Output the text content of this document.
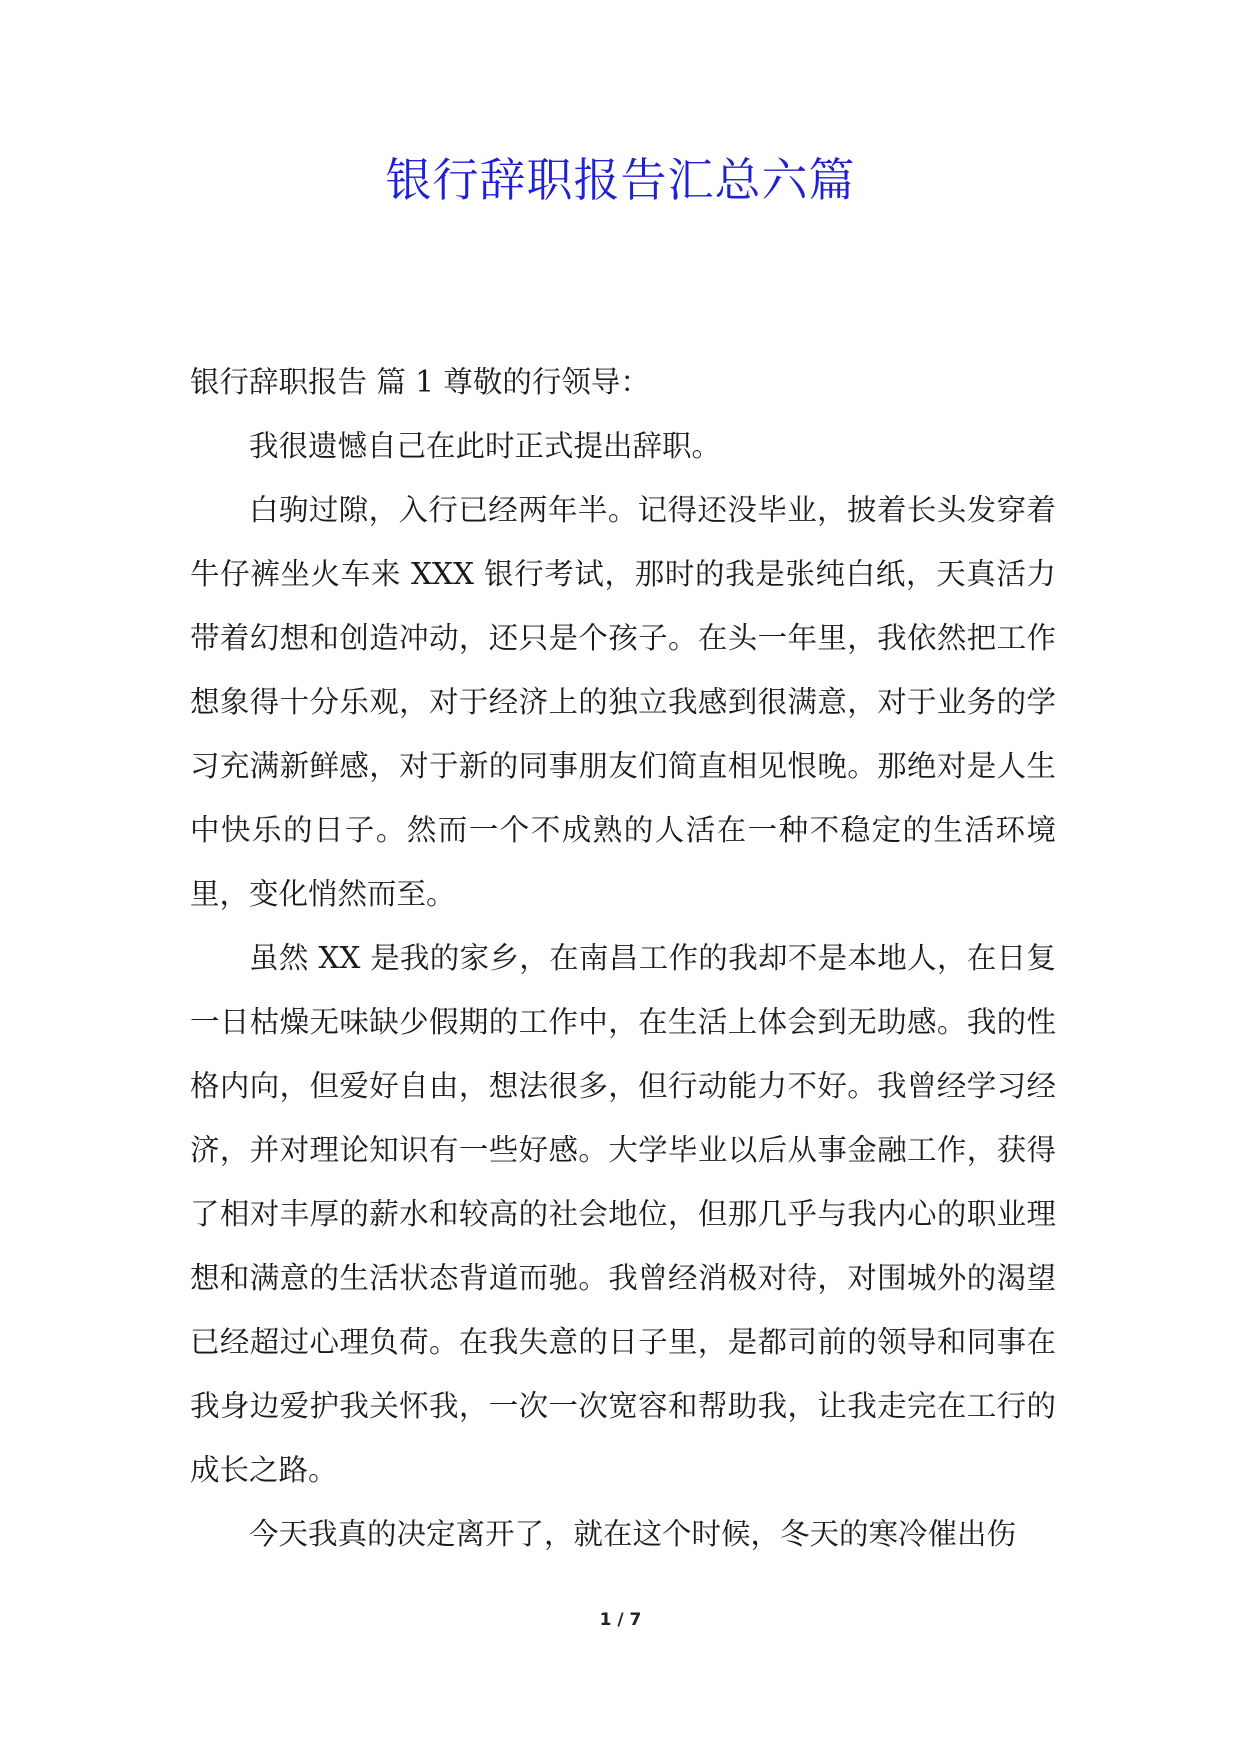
银行辞职报告汇总六篇

银行辞职报告 篇 1 尊敬的行领导：

我很遗憾自己在此时正式提出辞职。

白驹过隙，入行已经两年半。记得还没毕业，披着长头发穿着牛仔裤坐火车来 XXX 银行考试，那时的我是张纯白纸，天真活力带着幻想和创造冲动，还只是个孩子。在头一年里，我依然把工作想象得十分乐观，对于经济上的独立我感到很满意，对于业务的学习充满新鲜感，对于新的同事朋友们简直相见恨晚。那绝对是人生中快乐的日子。然而一个不成熟的人活在一种不稳定的生活环境里，变化悄然而至。

虽然 XX 是我的家乡，在南昌工作的我却不是本地人，在日复一日枯燥无味缺少假期的工作中，在生活上体会到无助感。我的性格内向，但爱好自由，想法很多，但行动能力不好。我曾经学习经济，并对理论知识有一些好感。大学毕业以后从事金融工作，获得了相对丰厚的薪水和较高的社会地位，但那几乎与我内心的职业理想和满意的生活状态背道而驰。我曾经消极对待，对围城外的渴望已经超过心理负荷。在我失意的日子里，是都司前的领导和同事在我身边爱护我关怀我，一次一次宽容和帮助我，让我走完在工行的成长之路。

今天我真的决定离开了，就在这个时候，冬天的寒冷催出伤

1 / 7
